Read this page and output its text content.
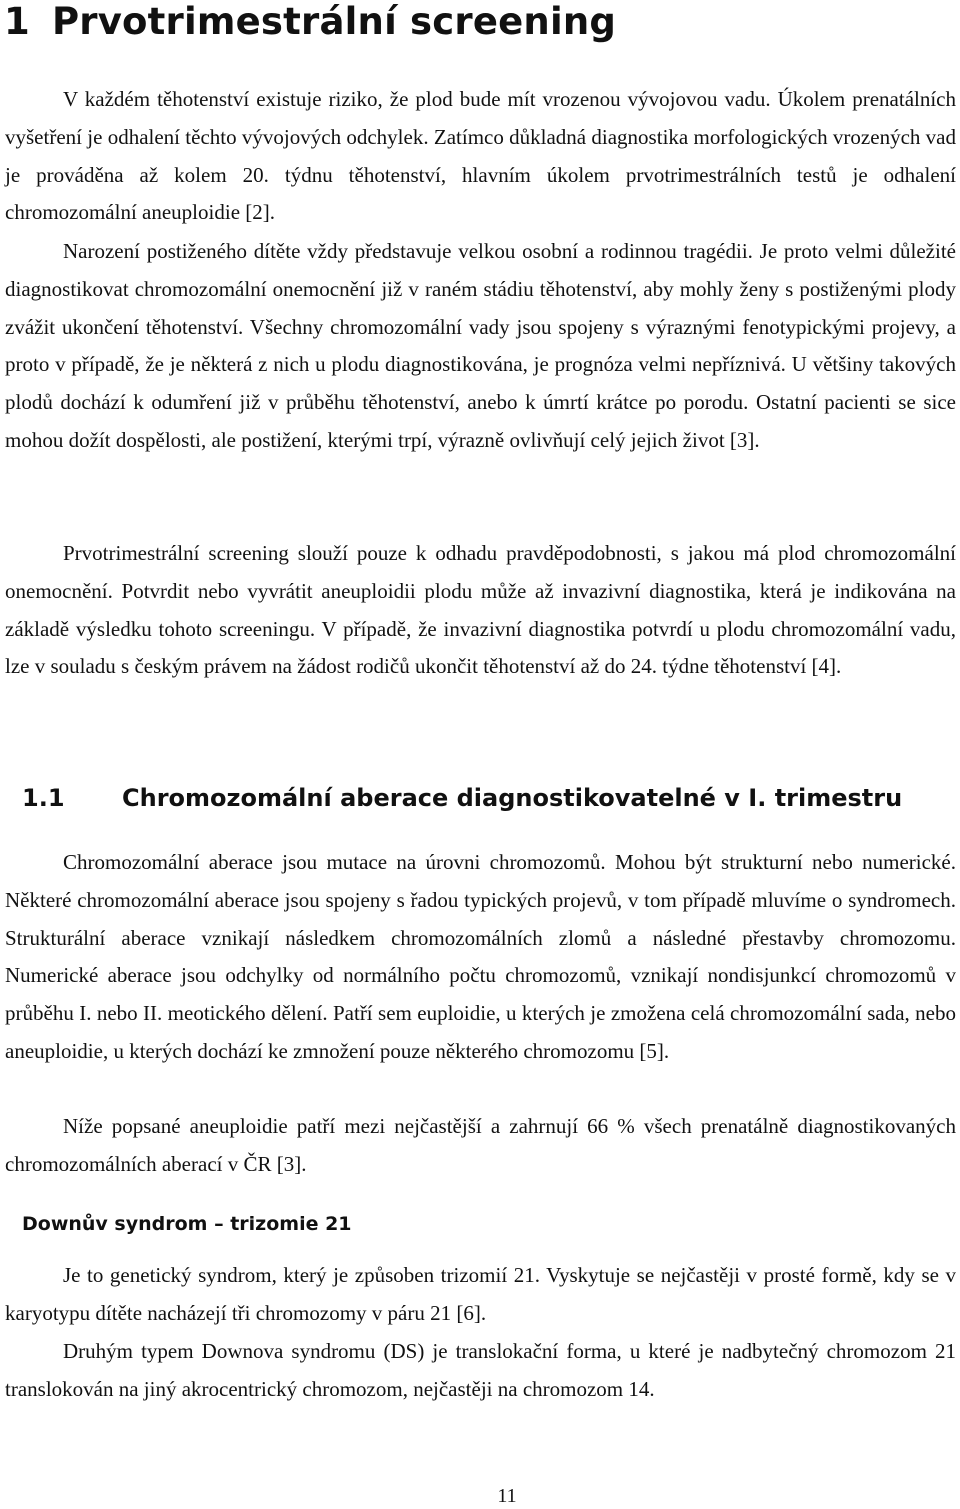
1 Prvotrimestrální screening

V každém těhotenství existuje riziko, že plod bude mít vrozenou vývojovou vadu. Úkolem prenatálních vyšetření je odhalení těchto vývojových odchylek. Zatímco důkladná diagnostika morfologických vrozených vad je prováděna až kolem 20. týdnu těhotenství, hlavním úkolem prvotrimestrálních testů je odhalení chromozomální aneuploidie [2].

Narození postiženého dítěte vždy představuje velkou osobní a rodinnou tragédii. Je proto velmi důležité diagnostikovat chromozomální onemocnění již v raném stádiu těhotenství, aby mohly ženy s postiženými plody zvážit ukončení těhotenství. Všechny chromozomální vady jsou spojeny s výraznými fenotypickými projevy, a proto v případě, že je některá z nich u plodu diagnostikována, je prognóza velmi nepříznivá. U většiny takových plodů dochází k odumření již v průběhu těhotenství, anebo k úmrtí krátce po porodu. Ostatní pacienti se sice mohou dožít dospělosti, ale postižení, kterými trpí, výrazně ovlivňují celý jejich život [3].

Prvotrimestrální screening slouží pouze k odhadu pravděpodobnosti, s jakou má plod chromozomální onemocnění. Potvrdit nebo vyvrátit aneuploidii plodu může až invazivní diagnostika, která je indikována na základě výsledku tohoto screeningu. V případě, že invazivní diagnostika potvrdí u plodu chromozomální vadu, lze v souladu s českým právem na žádost rodičů ukončit těhotenství až do 24. týdne těhotenství [4].

1.1 Chromozomální aberace diagnostikovatelné v I. trimestru

Chromozomální aberace jsou mutace na úrovni chromozomů. Mohou být strukturní nebo numerické. Některé chromozomální aberace jsou spojeny s řadou typických projevů, v tom případě mluvíme o syndromech. Strukturální aberace vznikají následkem chromozomálních zlomů a následné přestavby chromozomu. Numerické aberace jsou odchylky od normálního počtu chromozomů, vznikají nondisjunkcí chromozomů v průběhu I. nebo II. meotického dělení. Patří sem euploidie, u kterých je zmožena celá chromozomální sada, nebo aneuploidie, u kterých dochází ke zmnožení pouze některého chromozomu [5].

Níže popsané aneuploidie patří mezi nejčastější a zahrnují 66 % všech prenatálně diagnostikovaných chromozomálních aberací v ČR [3].

Downův syndrom – trizomie 21

Je to genetický syndrom, který je způsoben trizomií 21. Vyskytuje se nejčastěji v prosté formě, kdy se v karyotypu dítěte nacházejí tři chromozomy v páru 21 [6].

Druhým typem Downova syndromu (DS) je translokační forma, u které je nadbytečný chromozom 21 translokován na jiný akrocentrický chromozom, nejčastěji na chromozom 14.

11
